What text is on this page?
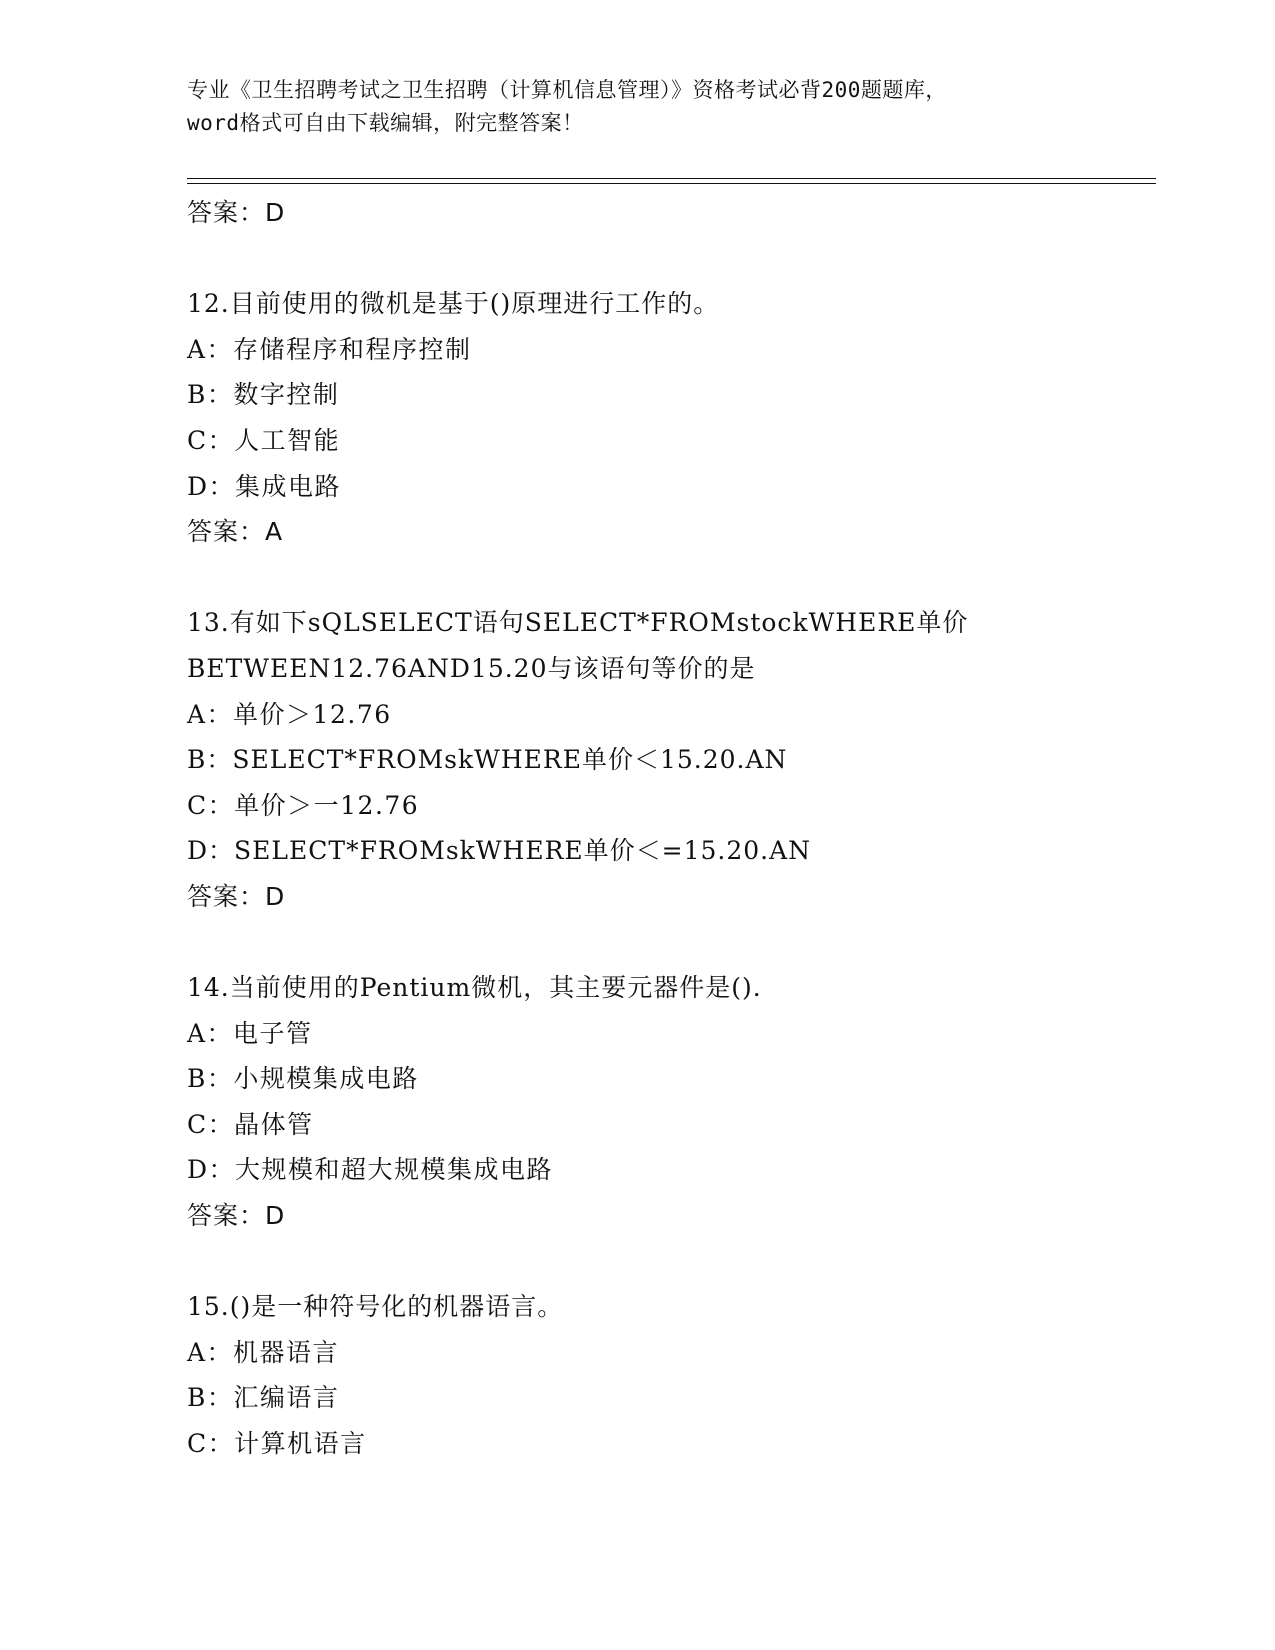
专业《卫生招聘考试之卫生招聘（计算机信息管理）》资格考试必背200题题库，
word格式可自由下载编辑，附完整答案！
答案：D
12.目前使用的微机是基于()原理进行工作的。
A：存储程序和程序控制
B：数字控制
C：人工智能
D：集成电路
答案：A
13.有如下sQLSELECT语句SELECT*FROMstockWHERE单价
BETWEEN12.76AND15.20与该语句等价的是
A：单价＞12.76
B：SELECT*FROMskWHERE单价＜15.20.AN
C：单价＞一12.76
D：SELECT*FROMskWHERE单价＜=15.20.AN
答案：D
14.当前使用的Pentium微机，其主要元器件是().
A：电子管
B：小规模集成电路
C：晶体管
D：大规模和超大规模集成电路
答案：D
15.()是一种符号化的机器语言。
A：机器语言
B：汇编语言
C：计算机语言
